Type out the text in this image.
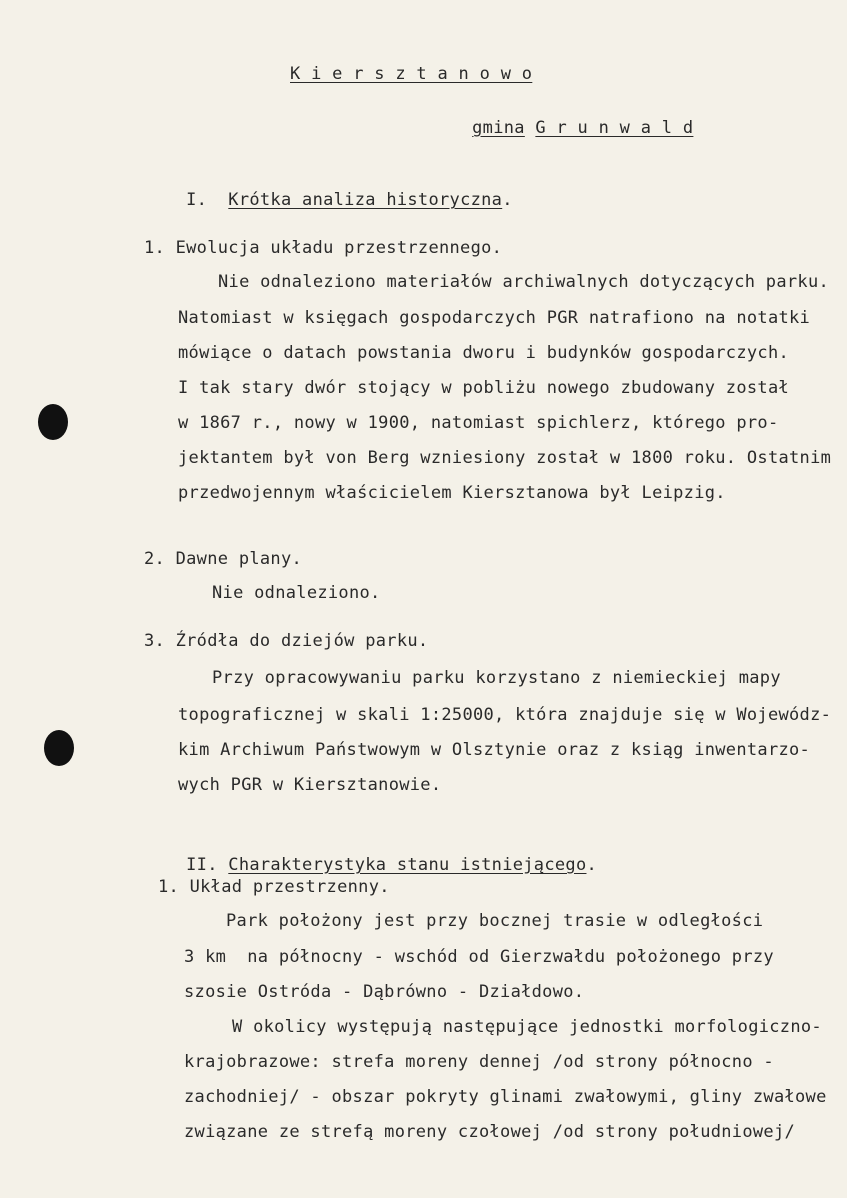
K i e r s z t a n o w o

gmina G r u n w a l d

I. Krótka analiza historyczna.

1. Ewolucja układu przestrzennego.
Nie odnaleziono materiałów archiwalnych dotyczących parku.
Natomiast w księgach gospodarczych PGR natrafiono na notatki
mówiące o datach powstania dworu i budynków gospodarczych.
I tak stary dwór stojący w pobliżu nowego zbudowany został
w 1867 r., nowy w 1900, natomiast spichlerz, którego pro-
jektantem był von Berg wzniesiony został w 1800 roku. Ostatnim
przedwojennym właścicielem Kiersztanowa był Leipzig.
2. Dawne plany.
Nie odnaleziono.
3. Źródła do dziejów parku.
Przy opracowywaniu parku korzystano z niemieckiej mapy
topograficznej w skali 1:25000, która znajduje się w Wojewódz-
kim Archiwum Państwowym w Olsztynie oraz z ksiąg inwentarzo-
wych PGR w Kiersztanowie.

II. Charakterystyka stanu istniejącego.

1. Układ przestrzenny.
Park położony jest przy bocznej trasie w odległości
3 km  na północny - wschód od Gierzwałdu położonego przy
szosie Ostróda - Dąbrówno - Działdowo.
W okolicy występują następujące jednostki morfologiczno-
krajobrazowe: strefa moreny dennej /od strony północno -
zachodniej/ - obszar pokryty glinami zwałowymi, gliny zwałowe
związane ze strefą moreny czołowej /od strony południowej/
